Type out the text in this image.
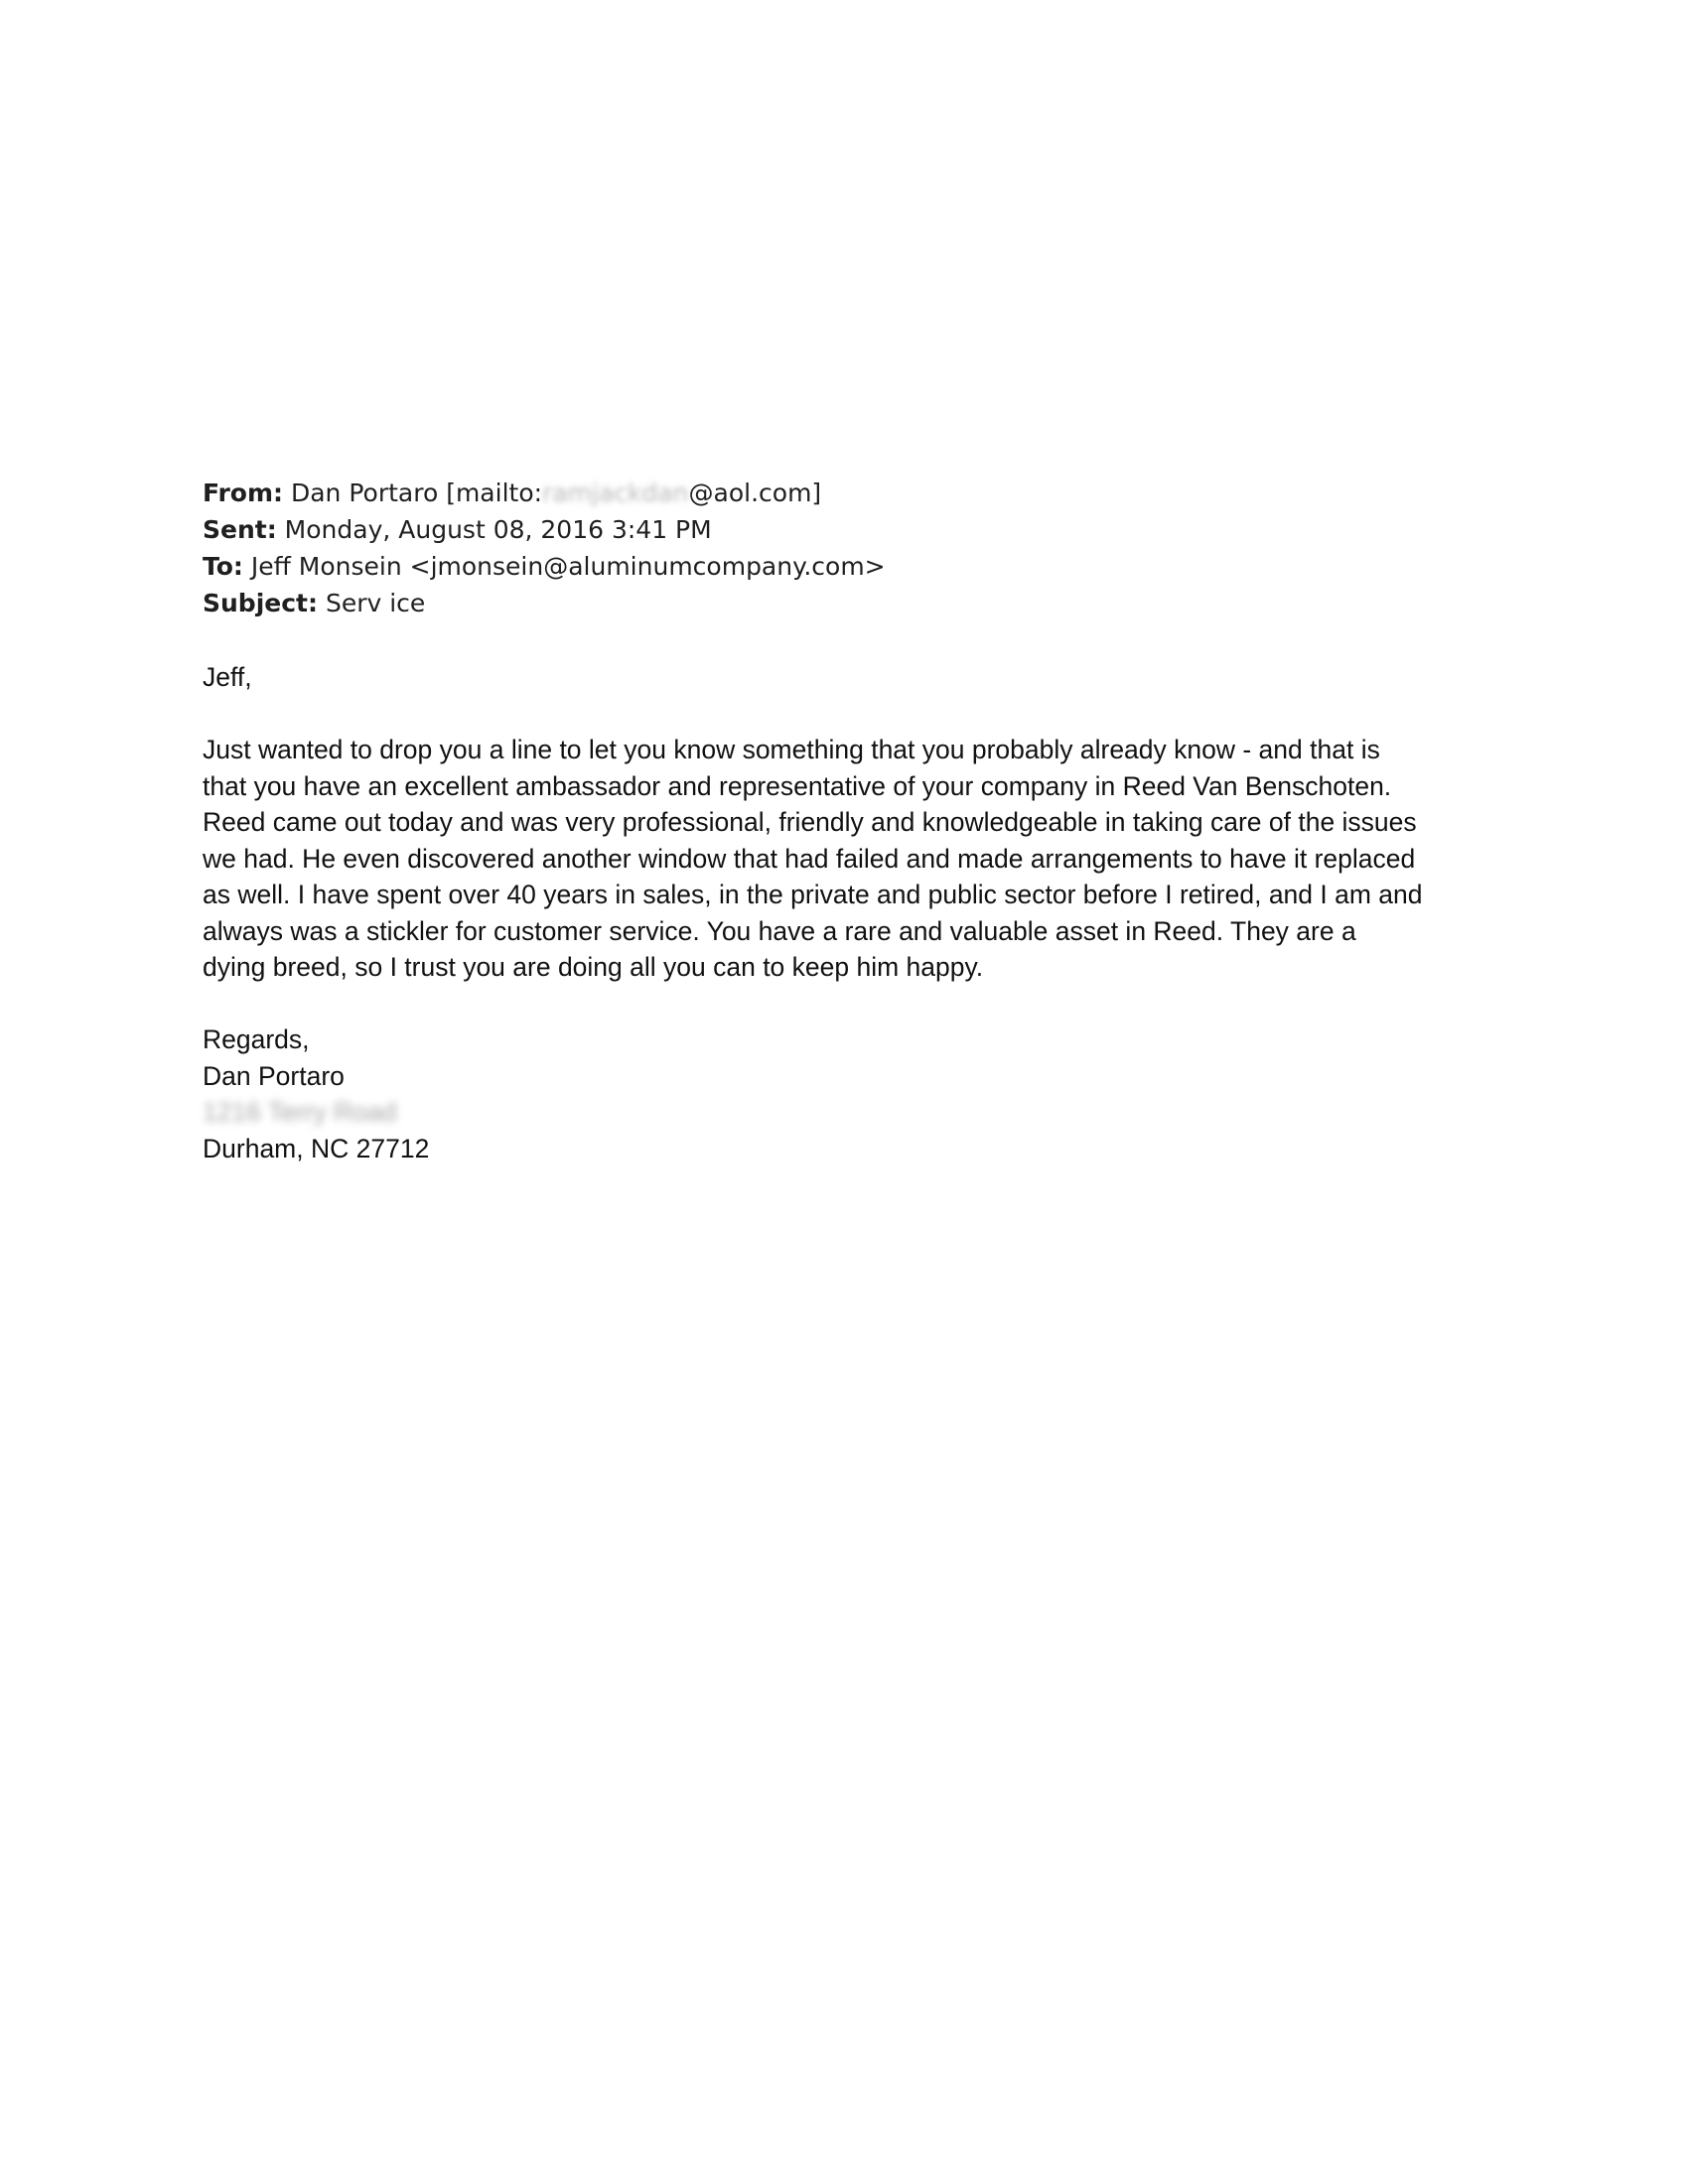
From: Dan Portaro [mailto:ramjackdan@aol.com]
Sent: Monday, August 08, 2016 3:41 PM
To: Jeff Monsein <jmonsein@aluminumcompany.com>
Subject: Serv ice
Jeff,
Just wanted to drop you a line to let you know something that you probably already know - and that is
that you have an excellent ambassador and representative of your company in Reed Van Benschoten.
Reed came out today and was very professional, friendly and knowledgeable in taking care of the issues
we had. He even discovered another window that had failed and made arrangements to have it replaced
as well. I have spent over 40 years in sales, in the private and public sector before I retired, and I am and
always was a stickler for customer service. You have a rare and valuable asset in Reed. They are a
dying breed, so I trust you are doing all you can to keep him happy.
Regards,
Dan Portaro
1216 Terry Road
Durham, NC 27712
